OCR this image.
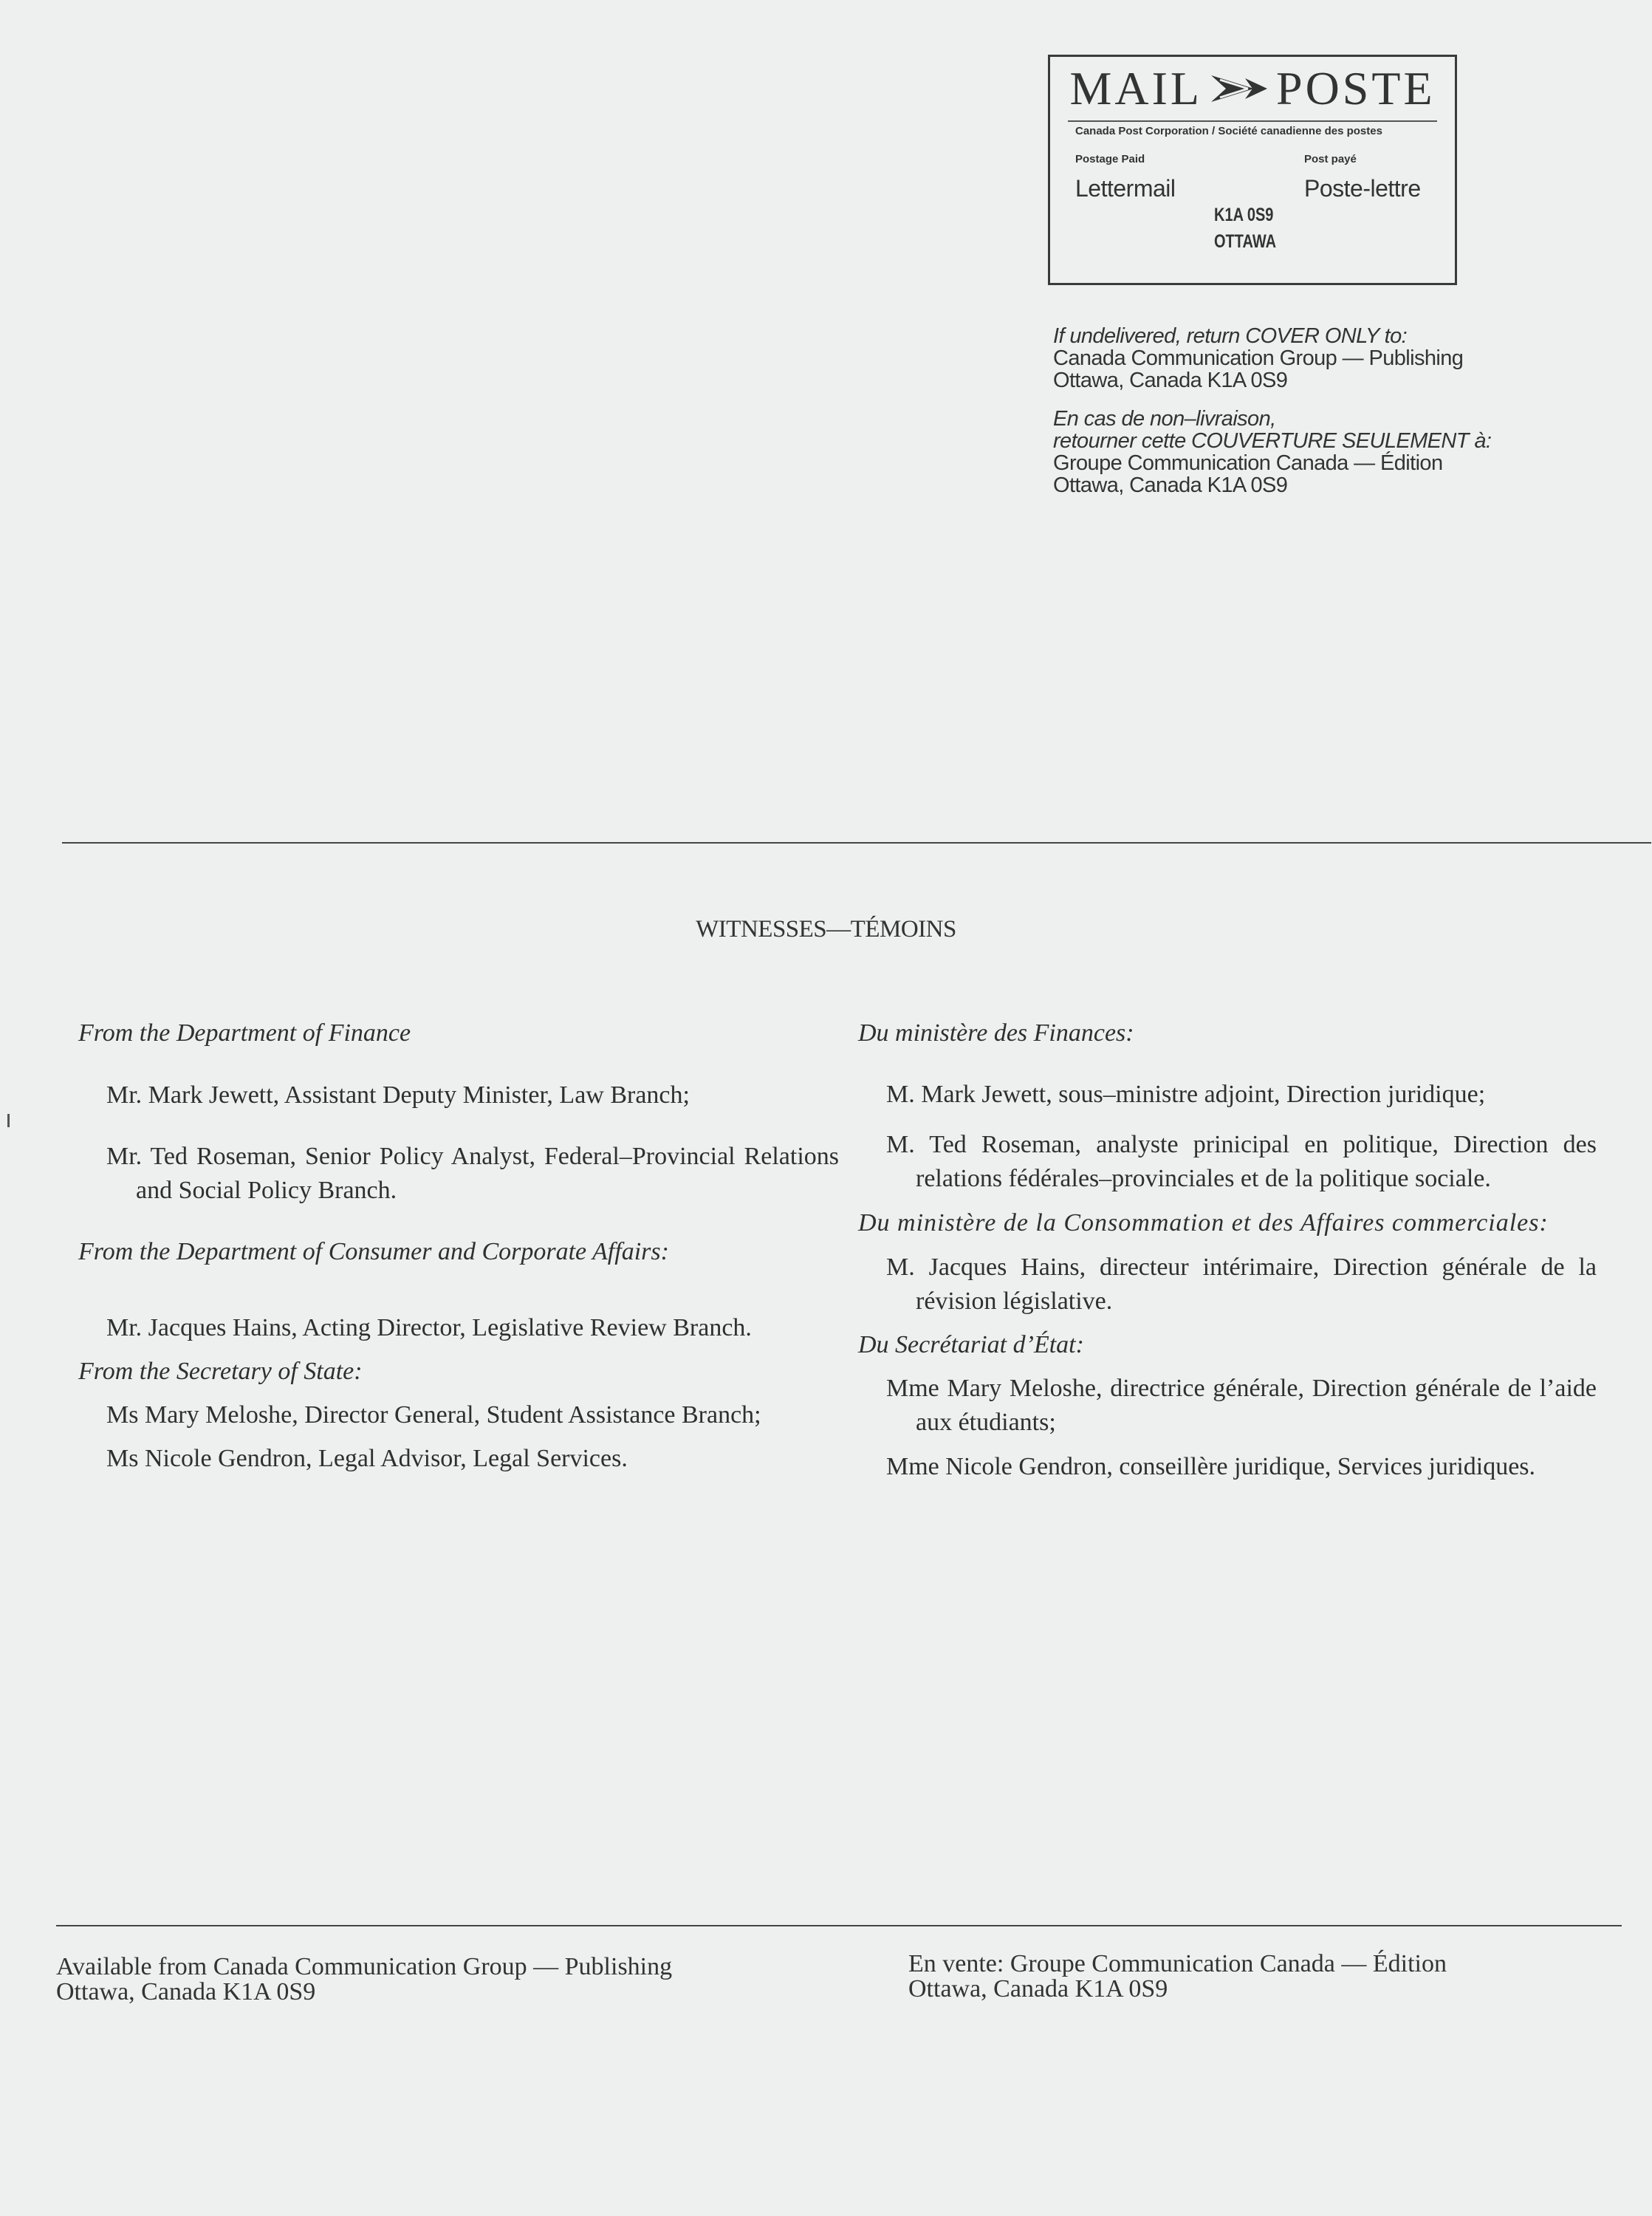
MAIL POSTE
Canada Post Corporation / Société canadienne des postes
Postage Paid	Post payé
Lettermail	Poste-lettre
K1A 0S9
OTTAWA
If undelivered, return COVER ONLY to:
Canada Communication Group — Publishing
Ottawa, Canada K1A 0S9
En cas de non–livraison,
retourner cette COUVERTURE SEULEMENT à:
Groupe Communication Canada — Édition
Ottawa, Canada K1A 0S9
WITNESSES—TÉMOINS

From the Department of Finance

Mr. Mark Jewett, Assistant Deputy Minister, Law Branch;

Mr. Ted Roseman, Senior Policy Analyst, Federal–Provincial Relations and Social Policy Branch.

From the Department of Consumer and Corporate Affairs:

Mr. Jacques Hains, Acting Director, Legislative Review Branch.

From the Secretary of State:

Ms Mary Meloshe, Director General, Student Assistance Branch;

Ms Nicole Gendron, Legal Advisor, Legal Services.

Du ministère des Finances:

M. Mark Jewett, sous–ministre adjoint, Direction juridique;

M. Ted Roseman, analyste prinicipal en politique, Direction des relations fédérales–provinciales et de la politique sociale.

Du ministère de la Consommation et des Affaires commerciales:

M. Jacques Hains, directeur intérimaire, Direction générale de la révision législative.

Du Secrétariat d’État:

Mme Mary Meloshe, directrice générale, Direction générale de l’aide aux étudiants;

Mme Nicole Gendron, conseillère juridique, Services juridiques.

Available from Canada Communication Group — Publishing
Ottawa, Canada K1A 0S9
En vente: Groupe Communication Canada — Édition
Ottawa, Canada K1A 0S9
